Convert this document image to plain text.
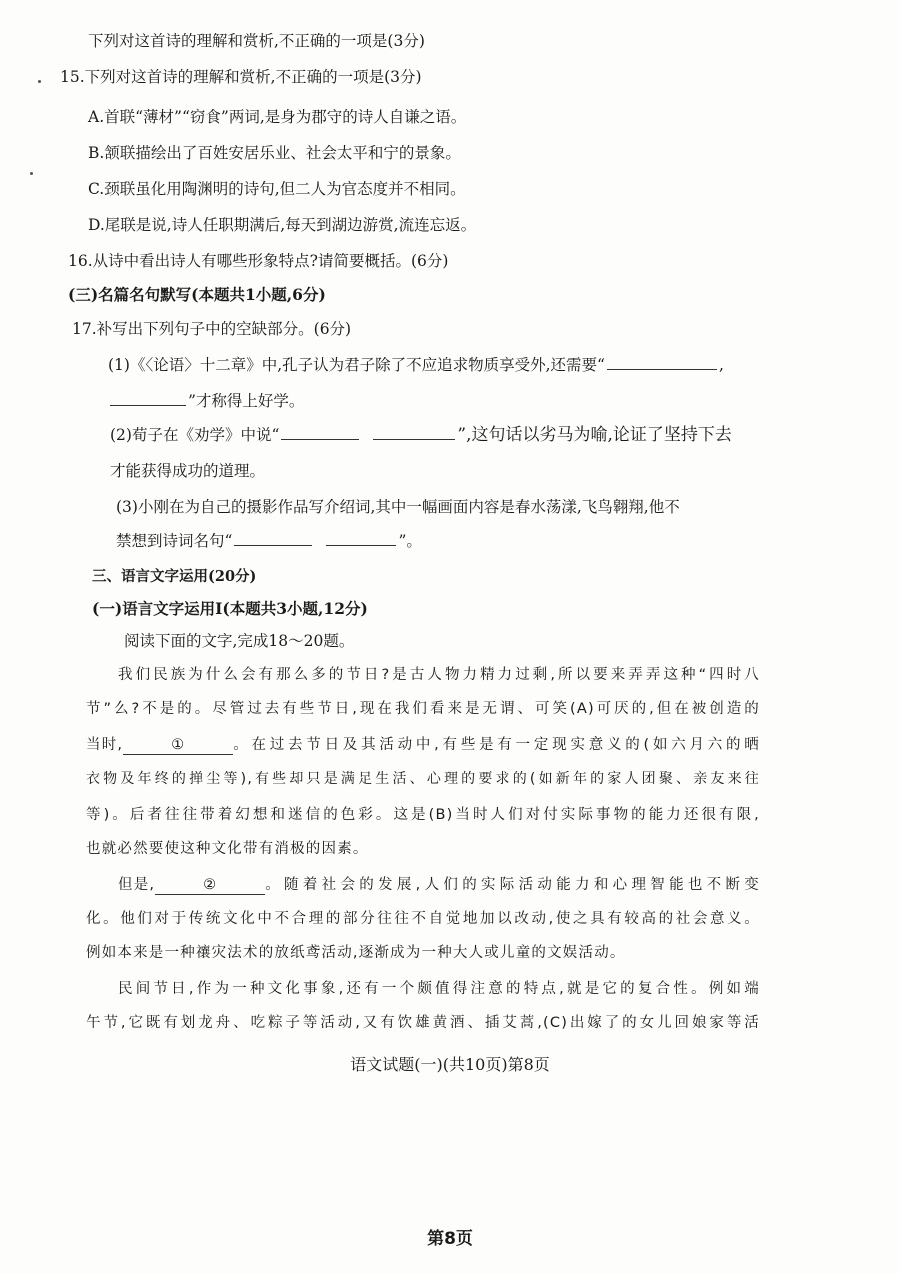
下列对这首诗的理解和赏析,不正确的一项是(3分)
15.下列对这首诗的理解和赏析,不正确的一项是(3分)
A.首联“薄材”“窃食”两词,是身为郡守的诗人自谦之语。
B.颔联描绘出了百姓安居乐业、社会太平和宁的景象。
C.颈联虽化用陶渊明的诗句,但二人为官态度并不相同。
D.尾联是说,诗人任职期满后,每天到湖边游赏,流连忘返。
16.从诗中看出诗人有哪些形象特点?请简要概括。(6分)
(三)名篇名句默写(本题共1小题,6分)
17.补写出下列句子中的空缺部分。(6分)
(1)《〈论语〉十二章》中,孔子认为君子除了不应追求物质享受外,还需要“	,
”才称得上好学。
(2)荀子在《劝学》中说“	”,这句话以劣马为喻,论证了坚持下去
才能获得成功的道理。
(3)小刚在为自己的摄影作品写介绍词,其中一幅画面内容是春水荡漾,飞鸟翱翔,他不
禁想到诗词名句“	”。
三、语言文字运用(20分)
(一)语言文字运用Ⅰ(本题共3小题,12分)
阅读下面的文字,完成18～20题。
我们民族为什么会有那么多的节日?是古人物力精力过剩,所以要来弄弄这种“四时八
节”么?不是的。尽管过去有些节日,现在我们看来是无谓、可笑(A)可厌的,但在被创造的
当时,	①	。在过去节日及其活动中,有些是有一定现实意义的(如六月六的晒
衣物及年终的掸尘等),有些却只是满足生活、心理的要求的(如新年的家人团聚、亲友来往
等)。后者往往带着幻想和迷信的色彩。这是(B)当时人们对付实际事物的能力还很有限,
也就必然要使这种文化带有消极的因素。
但是,	②	。随着社会的发展,人们的实际活动能力和心理智能也不断变
化。他们对于传统文化中不合理的部分往往不自觉地加以改动,使之具有较高的社会意义。
例如本来是一种禳灾法术的放纸鸢活动,逐渐成为一种大人或儿童的文娱活动。
民间节日,作为一种文化事象,还有一个颇值得注意的特点,就是它的复合性。例如端
午节,它既有划龙舟、吃粽子等活动,又有饮雄黄酒、插艾蒿,(C)出嫁了的女儿回娘家等活
语文试题(一)(共10页)第8页
第8页
